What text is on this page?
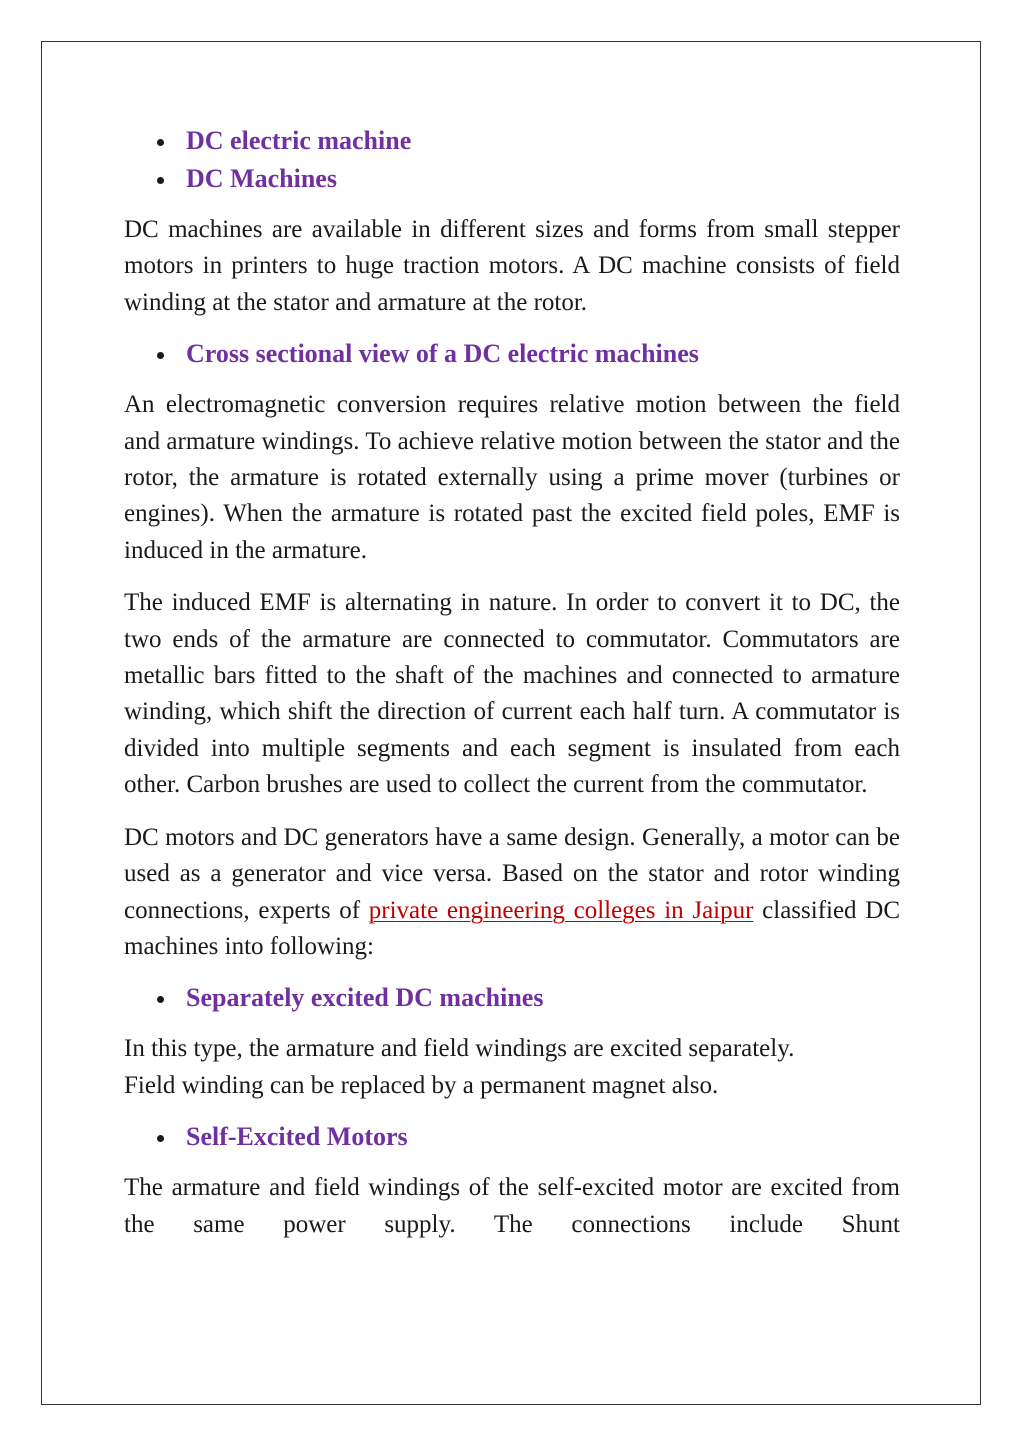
DC electric machine
DC Machines

DC machines are available in different sizes and forms from small stepper motors in printers to huge traction motors. A DC machine consists of field winding at the stator and armature at the rotor.

Cross sectional view of a DC electric machines

An electromagnetic conversion requires relative motion between the field and armature windings. To achieve relative motion between the stator and the rotor, the armature is rotated externally using a prime mover (turbines or engines). When the armature is rotated past the excited field poles, EMF is induced in the armature.

The induced EMF is alternating in nature. In order to convert it to DC, the two ends of the armature are connected to commutator. Commutators are metallic bars fitted to the shaft of the machines and connected to armature winding, which shift the direction of current each half turn. A commutator is divided into multiple segments and each segment is insulated from each other. Carbon brushes are used to collect the current from the commutator.

DC motors and DC generators have a same design. Generally, a motor can be used as a generator and vice versa. Based on the stator and rotor winding connections, experts of private engineering colleges in Jaipur classified DC machines into following:

Separately excited DC machines

In this type, the armature and field windings are excited separately.
Field winding can be replaced by a permanent magnet also.

Self-Excited Motors

The armature and field windings of the self-excited motor are excited from the same power supply. The connections include Shunt
